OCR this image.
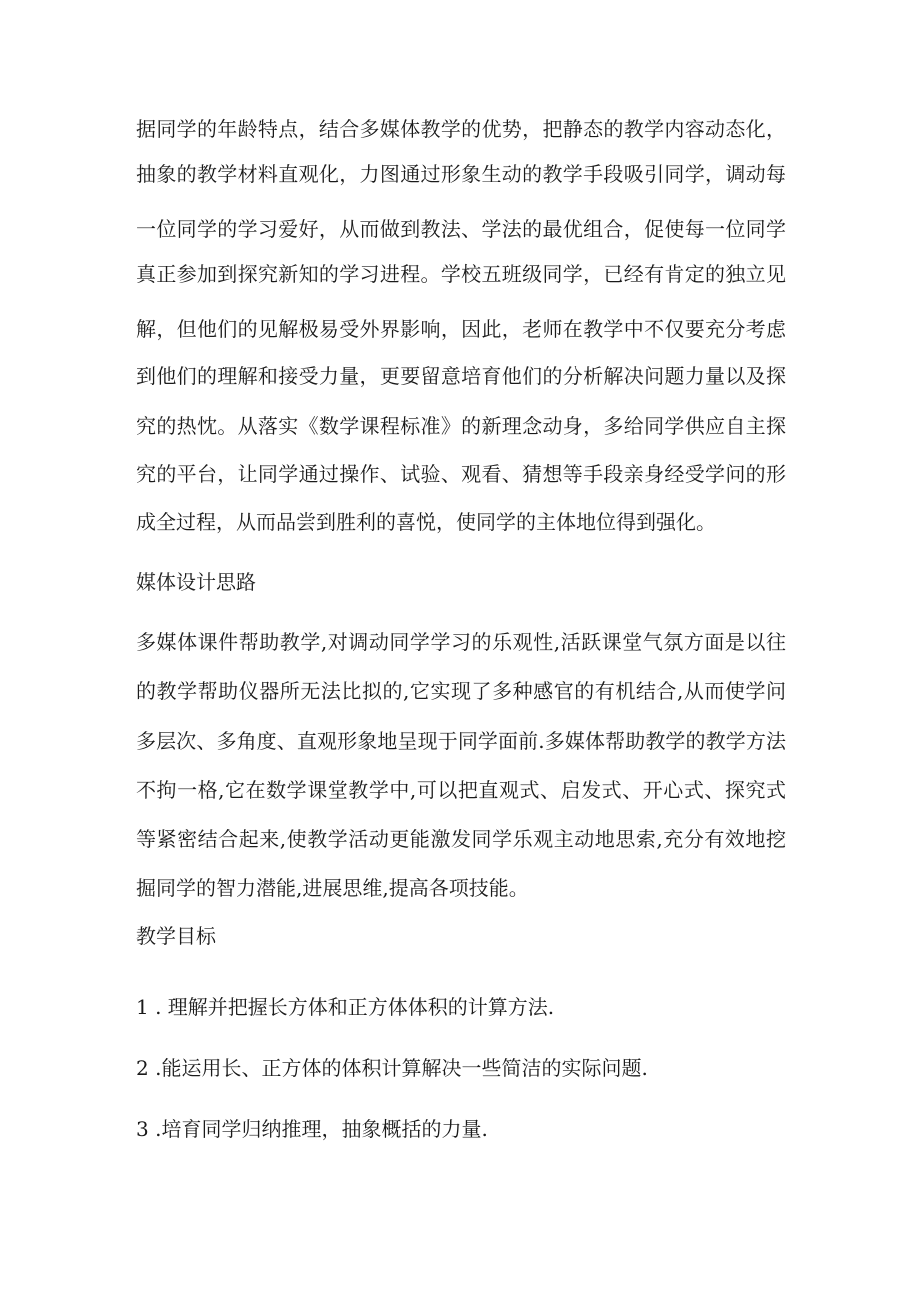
据同学的年龄特点，结合多媒体教学的优势，把静态的教学内容动态化，

抽象的教学材料直观化，力图通过形象生动的教学手段吸引同学，调动每

一位同学的学习爱好，从而做到教法、学法的最优组合，促使每一位同学

真正参加到探究新知的学习进程。学校五班级同学，已经有肯定的独立见

解，但他们的见解极易受外界影响，因此，老师在教学中不仅要充分考虑

到他们的理解和接受力量，更要留意培育他们的分析解决问题力量以及探

究的热忱。从落实《数学课程标准》的新理念动身，多给同学供应自主探

究的平台，让同学通过操作、试验、观看、猜想等手段亲身经受学问的形

成全过程，从而品尝到胜利的喜悦，使同学的主体地位得到强化。

媒体设计思路

多媒体课件帮助教学,对调动同学学习的乐观性,活跃课堂气氛方面是以往

的教学帮助仪器所无法比拟的,它实现了多种感官的有机结合,从而使学问

多层次、多角度、直观形象地呈现于同学面前.多媒体帮助教学的教学方法

不拘一格,它在数学课堂教学中,可以把直观式、启发式、开心式、探究式

等紧密结合起来,使教学活动更能激发同学乐观主动地思索,充分有效地挖

掘同学的智力潜能,进展思维,提高各项技能。

教学目标

1 . 理解并把握长方体和正方体体积的计算方法.

2 .能运用长、正方体的体积计算解决一些简洁的实际问题.

3 .培育同学归纳推理，抽象概括的力量.
